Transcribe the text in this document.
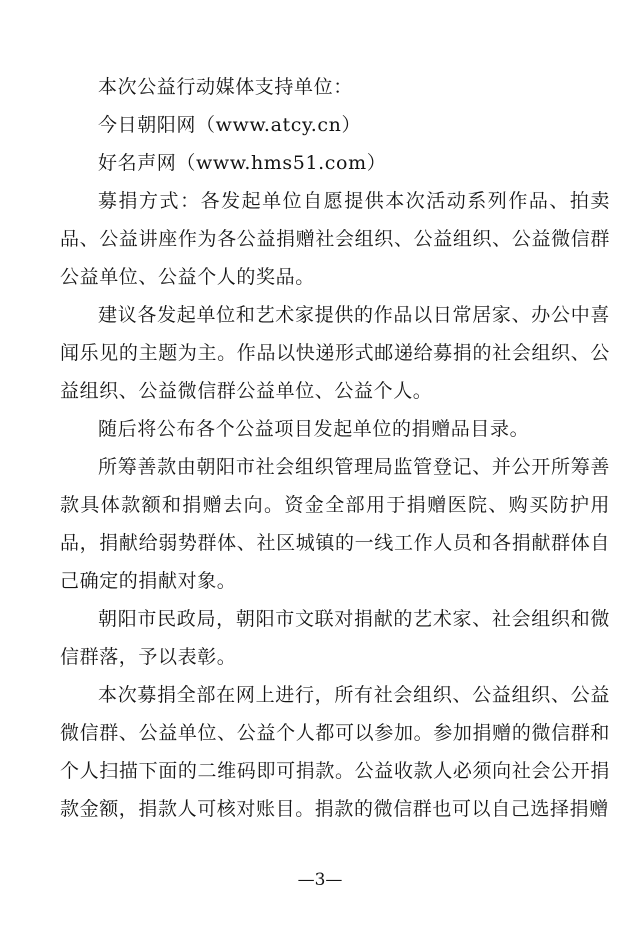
本次公益行动媒体支持单位：

今日朝阳网（www.atcy.cn）

好名声网（www.hms51.com）

募捐方式：各发起单位自愿提供本次活动系列作品、拍卖品、公益讲座作为各公益捐赠社会组织、公益组织、公益微信群公益单位、公益个人的奖品。

建议各发起单位和艺术家提供的作品以日常居家、办公中喜闻乐见的主题为主。作品以快递形式邮递给募捐的社会组织、公益组织、公益微信群公益单位、公益个人。

随后将公布各个公益项目发起单位的捐赠品目录。

所筹善款由朝阳市社会组织管理局监管登记、并公开所筹善款具体款额和捐赠去向。资金全部用于捐赠医院、购买防护用品，捐献给弱势群体、社区城镇的一线工作人员和各捐献群体自己确定的捐献对象。

朝阳市民政局，朝阳市文联对捐献的艺术家、社会组织和微信群落，予以表彰。

本次募捐全部在网上进行，所有社会组织、公益组织、公益微信群、公益单位、公益个人都可以参加。参加捐赠的微信群和个人扫描下面的二维码即可捐款。公益收款人必须向社会公开捐款金额，捐款人可核对账目。捐款的微信群也可以自己选择捐赠

—3—
